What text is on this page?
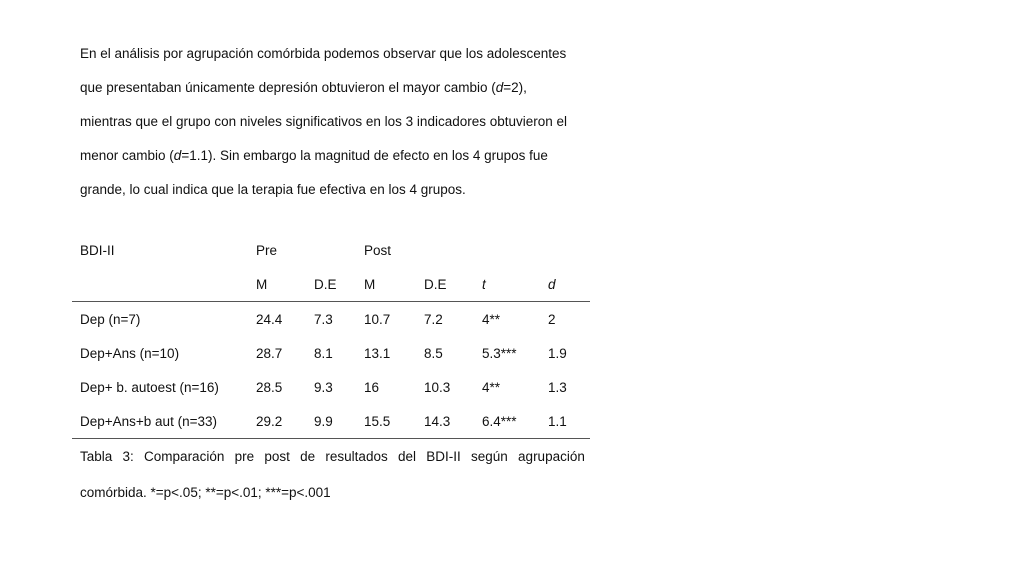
En el análisis por agrupación comórbida podemos observar que los adolescentes
que presentaban únicamente depresión obtuvieron el mayor cambio (d=2),
mientras que el grupo con niveles significativos en los 3 indicadores obtuvieron el
menor cambio (d=1.1). Sin embargo la magnitud de efecto en los 4 grupos fue
grande, lo cual indica que la terapia fue efectiva en los 4 grupos.

BDI-II	Pre		Post			
	M	D.E	M	D.E	t	d
Dep (n=7)	24.4	7.3	10.7	7.2	4**	2
Dep+Ans (n=10)	28.7	8.1	13.1	8.5	5.3***	1.9
Dep+ b. autoest (n=16)	28.5	9.3	16	10.3	4**	1.3
Dep+Ans+b aut (n=33)	29.2	9.9	15.5	14.3	6.4***	1.1
Tabla 3: Comparación pre post de resultados del BDI-II según agrupación
comórbida. *=p<.05; **=p<.01; ***=p<.001
